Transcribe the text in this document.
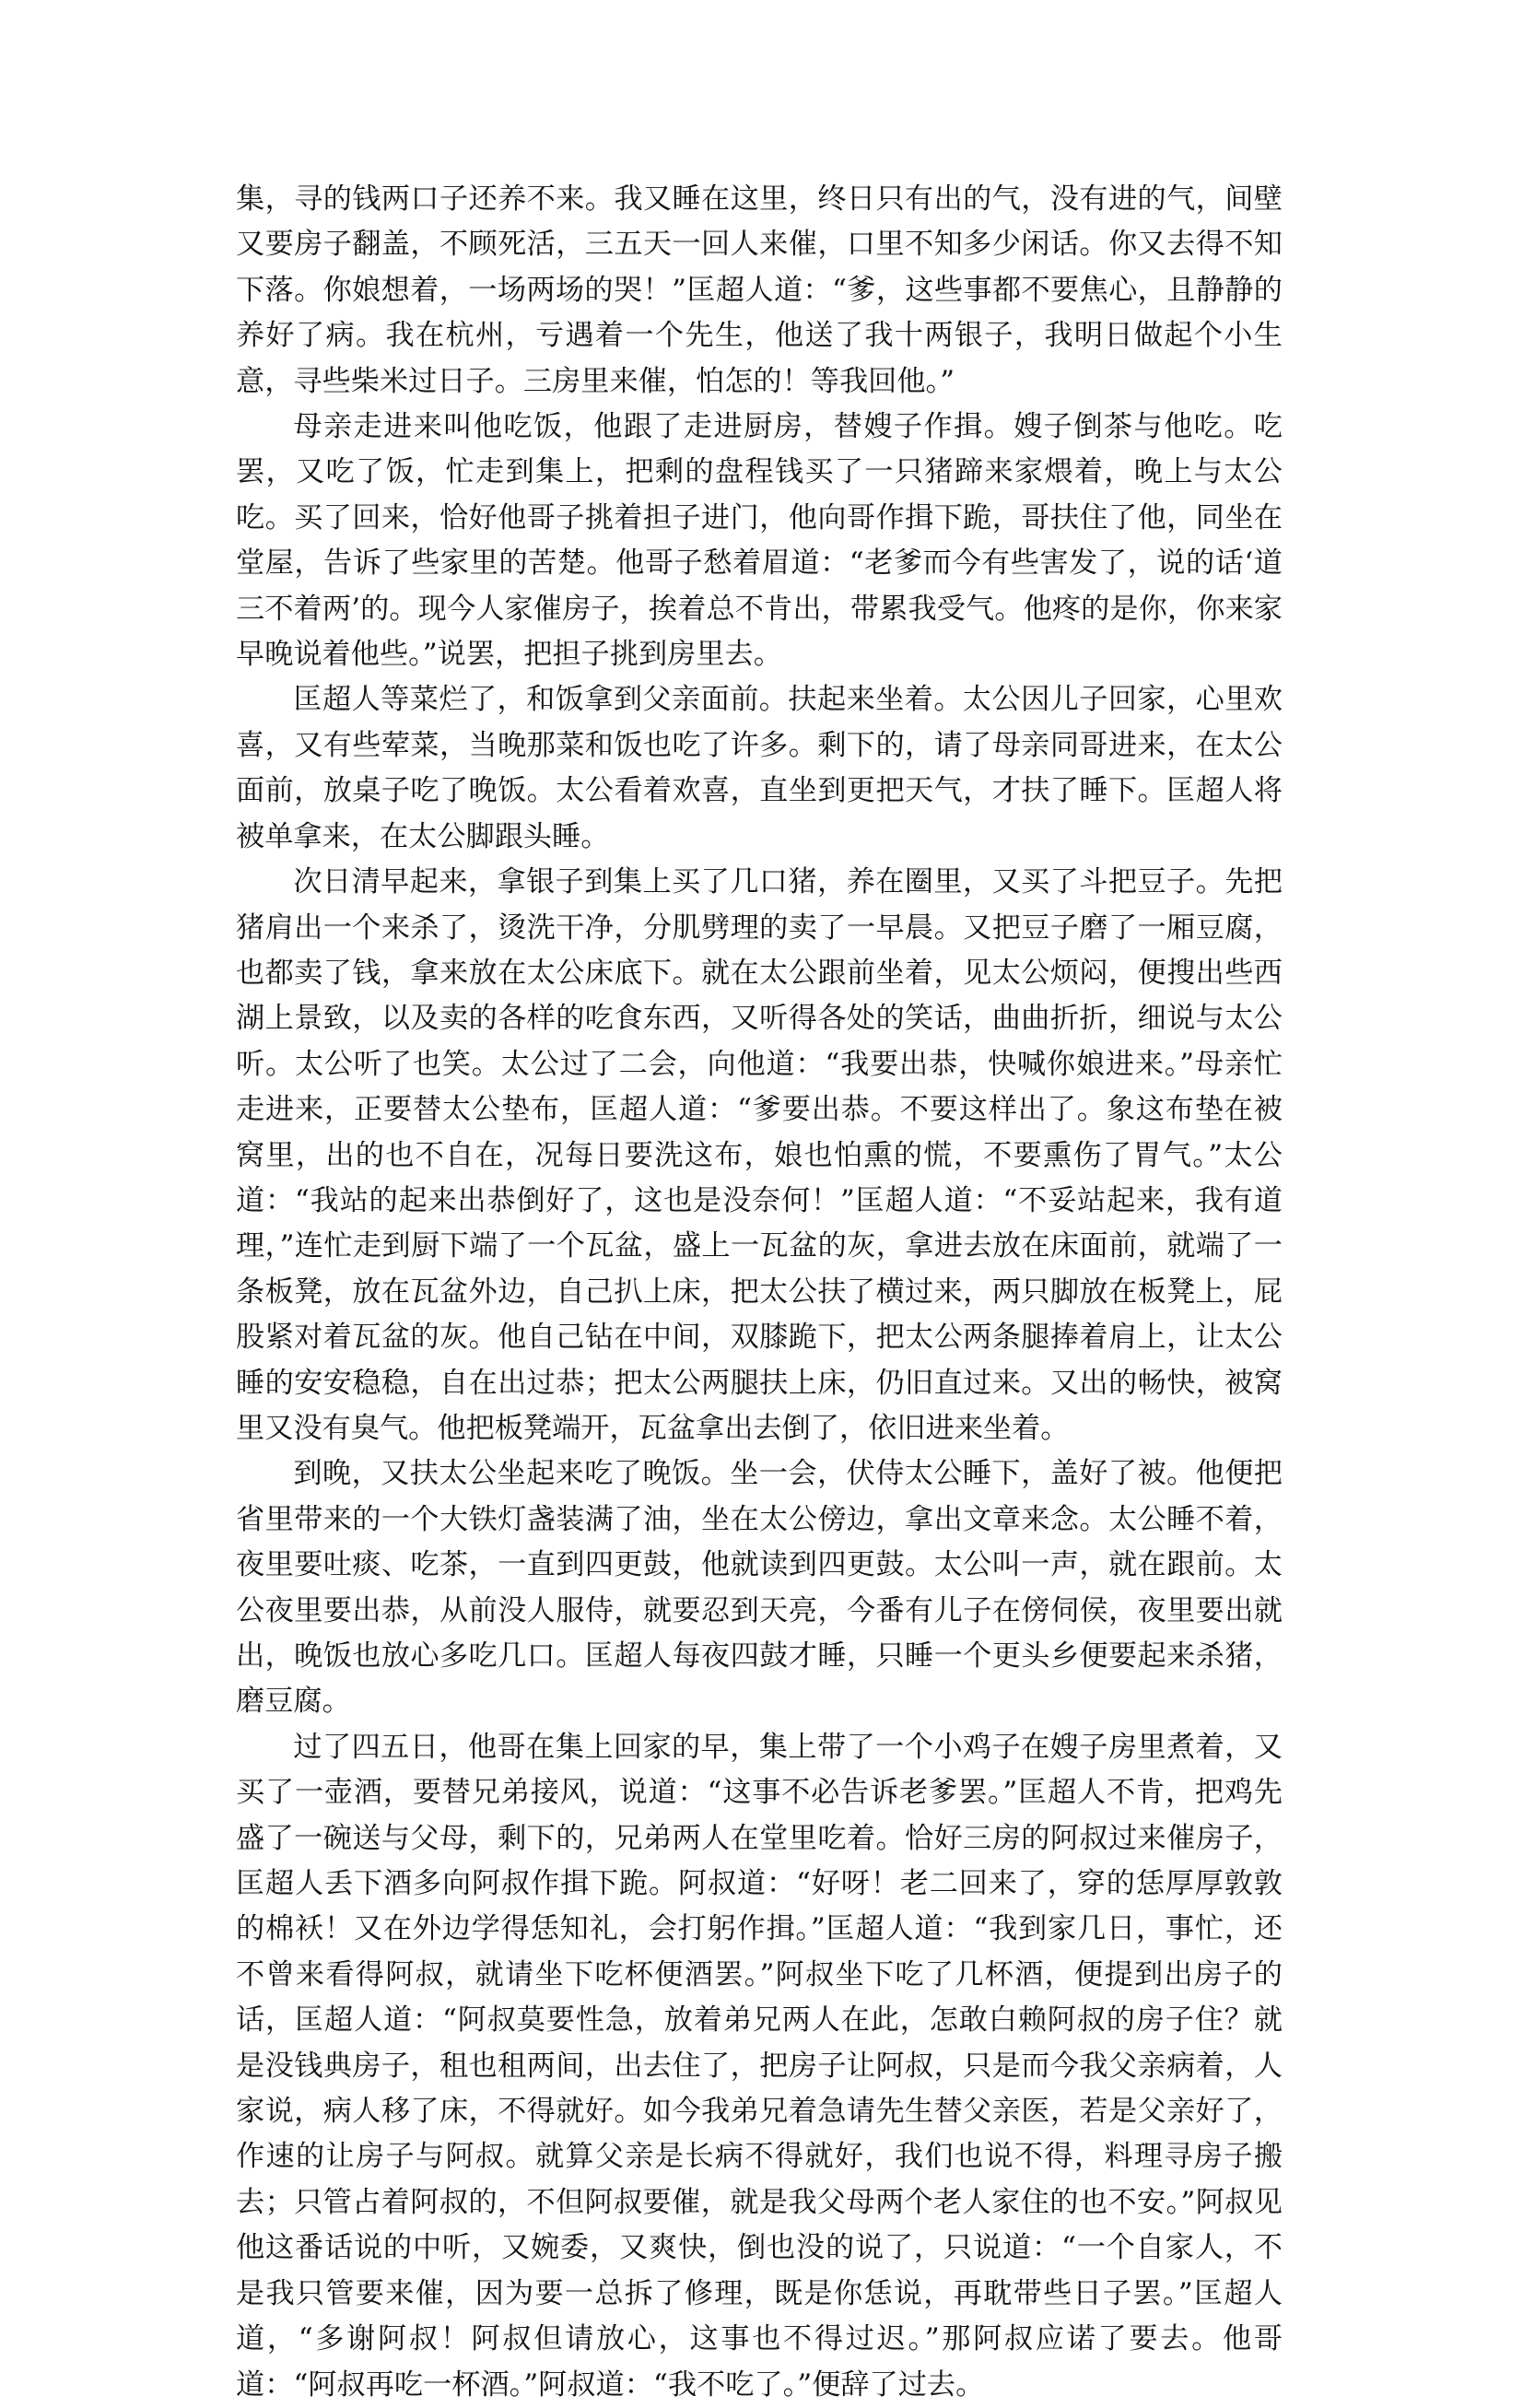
集，寻的钱两口子还养不来。我又睡在这里，终日只有出的气，没有进的气，间壁又要房子翻盖，不顾死活，三五天一回人来催，口里不知多少闲话。你又去得不知下落。你娘想着，一场两场的哭！”匡超人道：“爹，这些事都不要焦心，且静静的养好了病。我在杭州，亏遇着一个先生，他送了我十两银子，我明日做起个小生意，寻些柴米过日子。三房里来催，怕怎的！等我回他。”

母亲走进来叫他吃饭，他跟了走进厨房，替嫂子作揖。嫂子倒茶与他吃。吃罢，又吃了饭，忙走到集上，把剩的盘程钱买了一只猪蹄来家煨着，晚上与太公吃。买了回来，恰好他哥子挑着担子进门，他向哥作揖下跪，哥扶住了他，同坐在堂屋，告诉了些家里的苦楚。他哥子愁着眉道：“老爹而今有些害发了，说的话‘道三不着两’的。现今人家催房子，挨着总不肯出，带累我受气。他疼的是你，你来家早晚说着他些。”说罢，把担子挑到房里去。

匡超人等菜烂了，和饭拿到父亲面前。扶起来坐着。太公因儿子回家，心里欢喜，又有些荤菜，当晚那菜和饭也吃了许多。剩下的，请了母亲同哥进来，在太公面前，放桌子吃了晚饭。太公看着欢喜，直坐到更把天气，才扶了睡下。匡超人将被单拿来，在太公脚跟头睡。

次日清早起来，拿银子到集上买了几口猪，养在圈里，又买了斗把豆子。先把猪肩出一个来杀了，烫洗干净，分肌劈理的卖了一早晨。又把豆子磨了一厢豆腐，也都卖了钱，拿来放在太公床底下。就在太公跟前坐着，见太公烦闷，便搜出些西湖上景致，以及卖的各样的吃食东西，又听得各处的笑话，曲曲折折，细说与太公听。太公听了也笑。太公过了二会，向他道：“我要出恭，快喊你娘进来。”母亲忙走进来，正要替太公垫布，匡超人道：“爹要出恭。不要这样出了。象这布垫在被窝里，出的也不自在，况每日要洗这布，娘也怕熏的慌，不要熏伤了胃气。”太公道：“我站的起来出恭倒好了，这也是没奈何！”匡超人道：“不妥站起来，我有道理，”连忙走到厨下端了一个瓦盆，盛上一瓦盆的灰，拿进去放在床面前，就端了一条板凳，放在瓦盆外边，自己扒上床，把太公扶了横过来，两只脚放在板凳上，屁股紧对着瓦盆的灰。他自己钻在中间，双膝跪下，把太公两条腿捧着肩上，让太公睡的安安稳稳，自在出过恭；把太公两腿扶上床，仍旧直过来。又出的畅快，被窝里又没有臭气。他把板凳端开，瓦盆拿出去倒了，依旧进来坐着。

到晚，又扶太公坐起来吃了晚饭。坐一会，伏侍太公睡下，盖好了被。他便把省里带来的一个大铁灯盏装满了油，坐在太公傍边，拿出文章来念。太公睡不着，夜里要吐痰、吃茶，一直到四更鼓，他就读到四更鼓。太公叫一声，就在跟前。太公夜里要出恭，从前没人服侍，就要忍到天亮，今番有儿子在傍伺侯，夜里要出就出，晚饭也放心多吃几口。匡超人每夜四鼓才睡，只睡一个更头乡便要起来杀猪，磨豆腐。

过了四五日，他哥在集上回家的早，集上带了一个小鸡子在嫂子房里煮着，又买了一壶酒，要替兄弟接风，说道：“这事不必告诉老爹罢。”匡超人不肯，把鸡先盛了一碗送与父母，剩下的，兄弟两人在堂里吃着。恰好三房的阿叔过来催房子，匡超人丢下酒多向阿叔作揖下跪。阿叔道：“好呀！老二回来了，穿的恁厚厚敦敦的棉袄！又在外边学得恁知礼，会打躬作揖。”匡超人道：“我到家几日，事忙，还不曾来看得阿叔，就请坐下吃杯便酒罢。”阿叔坐下吃了几杯酒，便提到出房子的话，匡超人道：“阿叔莫要性急，放着弟兄两人在此，怎敢白赖阿叔的房子住？就是没钱典房子，租也租两间，出去住了，把房子让阿叔，只是而今我父亲病着，人家说，病人移了床，不得就好。如今我弟兄着急请先生替父亲医，若是父亲好了，作速的让房子与阿叔。就算父亲是长病不得就好，我们也说不得，料理寻房子搬去；只管占着阿叔的，不但阿叔要催，就是我父母两个老人家住的也不安。”阿叔见他这番话说的中听，又婉委，又爽快，倒也没的说了，只说道：“一个自家人，不是我只管要来催，因为要一总拆了修理，既是你恁说，再耽带些日子罢。”匡超人道，“多谢阿叔！阿叔但请放心，这事也不得过迟。”那阿叔应诺了要去。他哥道：“阿叔再吃一杯酒。”阿叔道：“我不吃了。”便辞了过去。
